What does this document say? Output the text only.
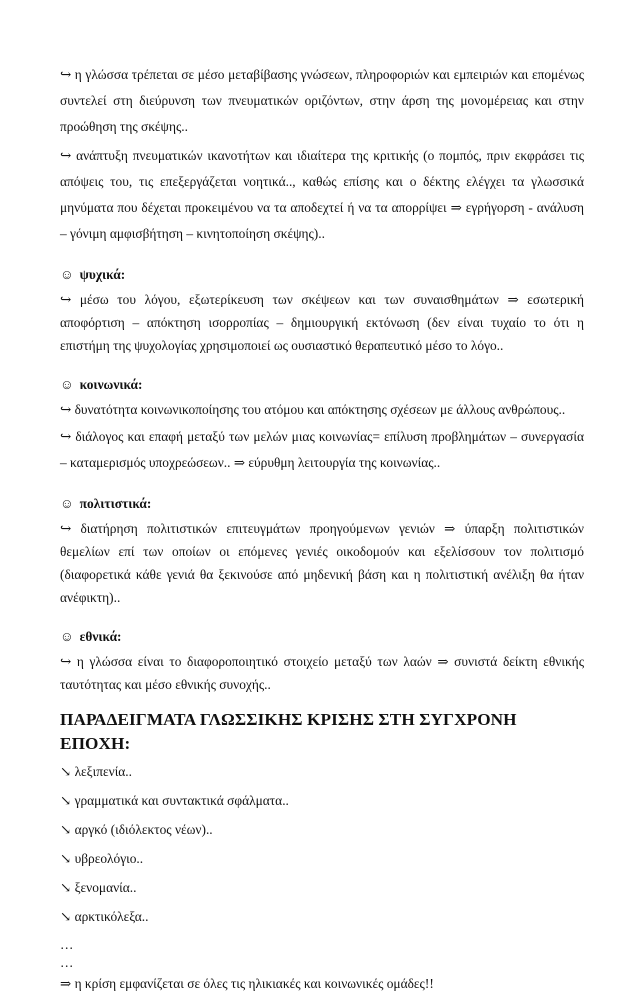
↪ η γλώσσα τρέπεται σε μέσο μεταβίβασης γνώσεων, πληροφοριών και εμπειριών και επομένως συντελεί στη διεύρυνση των πνευματικών οριζόντων, στην άρση της μονομέρειας και στην προώθηση της σκέψης..

↪ ανάπτυξη πνευματικών ικανοτήτων και ιδιαίτερα της κριτικής (ο πομπός, πριν εκφράσει τις απόψεις του, τις επεξεργάζεται νοητικά.., καθώς επίσης και ο δέκτης ελέγχει τα γλωσσικά μηνύματα που δέχεται προκειμένου να τα αποδεχτεί ή να τα απορρίψει ⇒ εγρήγορση - ανάλυση – γόνιμη αμφισβήτηση – κινητοποίηση σκέψης)..

☺ ψυχικά:

↪ μέσω του λόγου, εξωτερίκευση των σκέψεων και των συναισθημάτων ⇒ εσωτερική αποφόρτιση – απόκτηση ισορροπίας – δημιουργική εκτόνωση (δεν είναι τυχαίο το ότι η επιστήμη της ψυχολογίας χρησιμοποιεί ως ουσιαστικό θεραπευτικό μέσο το λόγο..

☺ κοινωνικά:

↪ δυνατότητα κοινωνικοποίησης του ατόμου και απόκτησης σχέσεων με άλλους ανθρώπους..

↪ διάλογος και επαφή μεταξύ των μελών μιας κοινωνίας= επίλυση προβλημάτων – συνεργασία – καταμερισμός υποχρεώσεων.. ⇒ εύρυθμη λειτουργία της κοινωνίας..

☺ πολιτιστικά:

↪ διατήρηση πολιτιστικών επιτευγμάτων προηγούμενων γενιών ⇒ ύπαρξη πολιτιστικών θεμελίων επί των οποίων οι επόμενες γενιές οικοδομούν και εξελίσσουν τον πολιτισμό (διαφορετικά κάθε γενιά θα ξεκινούσε από μηδενική βάση και η πολιτιστική ανέλιξη θα ήταν ανέφικτη)..

☺ εθνικά:

↪ η γλώσσα είναι το διαφοροποιητικό στοιχείο μεταξύ των λαών ⇒ συνιστά δείκτη εθνικής ταυτότητας και μέσο εθνικής συνοχής..

ΠΑΡΑΔΕΙΓΜΑΤΑ ΓΛΩΣΣΙΚΗΣ ΚΡΙΣΗΣ ΣΤΗ ΣΥΓΧΡΟΝΗ ΕΠΟΧΗ:
↘ λεξιπενία..
↘ γραμματικά και συντακτικά σφάλματα..
↘ αργκό (ιδιόλεκτος νέων)..
↘ υβρεολόγιο..
↘ ξενομανία..
↘ αρκτικόλεξα..

…

…

⇒ η κρίση εμφανίζεται σε όλες τις ηλικιακές και κοινωνικές ομάδες!!
